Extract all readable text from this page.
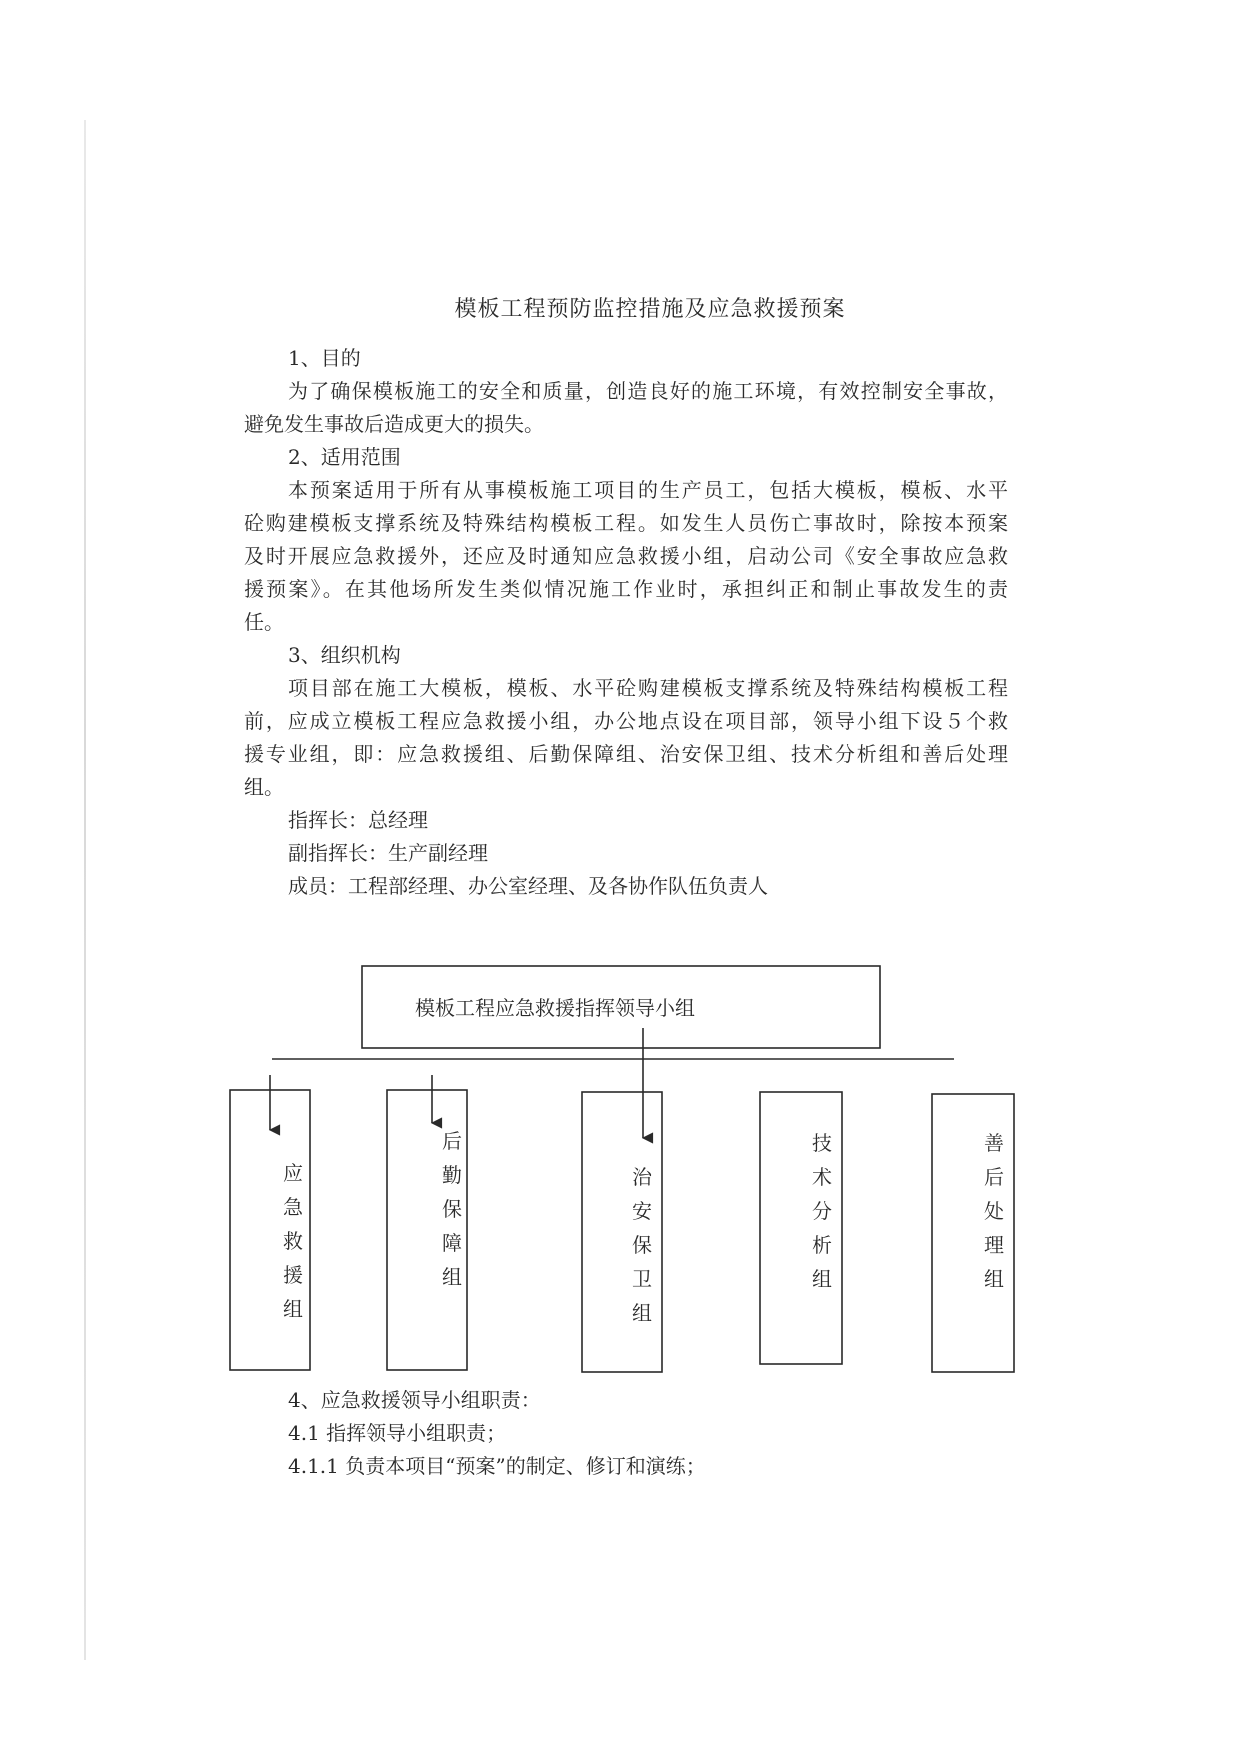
模板工程预防监控措施及应急救援预案

1、目的

为了确保模板施工的安全和质量，创造良好的施工环境，有效控制安全事故，
避免发生事故后造成更大的损失。

2、适用范围

本预案适用于所有从事模板施工项目的生产员工，包括大模板，模板、水平
砼购建模板支撑系统及特殊结构模板工程。如发生人员伤亡事故时，除按本预案
及时开展应急救援外，还应及时通知应急救援小组，启动公司《安全事故应急救
援预案》。在其他场所发生类似情况施工作业时，承担纠正和制止事故发生的责
任。

3、组织机构

项目部在施工大模板，模板、水平砼购建模板支撑系统及特殊结构模板工程
前，应成立模板工程应急救援小组，办公地点设在项目部，领导小组下设５个救
援专业组，即：应急救援组、后勤保障组、治安保卫组、技术分析组和善后处理
组。

指挥长：总经理

副指挥长：生产副经理

成员：工程部经理、办公室经理、及各协作队伍负责人

模板工程应急救援指挥领导小组
应急救援组
后勤保障组
治安保卫组
技术分析组
善后处理组

4、应急救援领导小组职责：

4.1 指挥领导小组职责；

4.1.1 负责本项目“预案”的制定、修订和演练；
